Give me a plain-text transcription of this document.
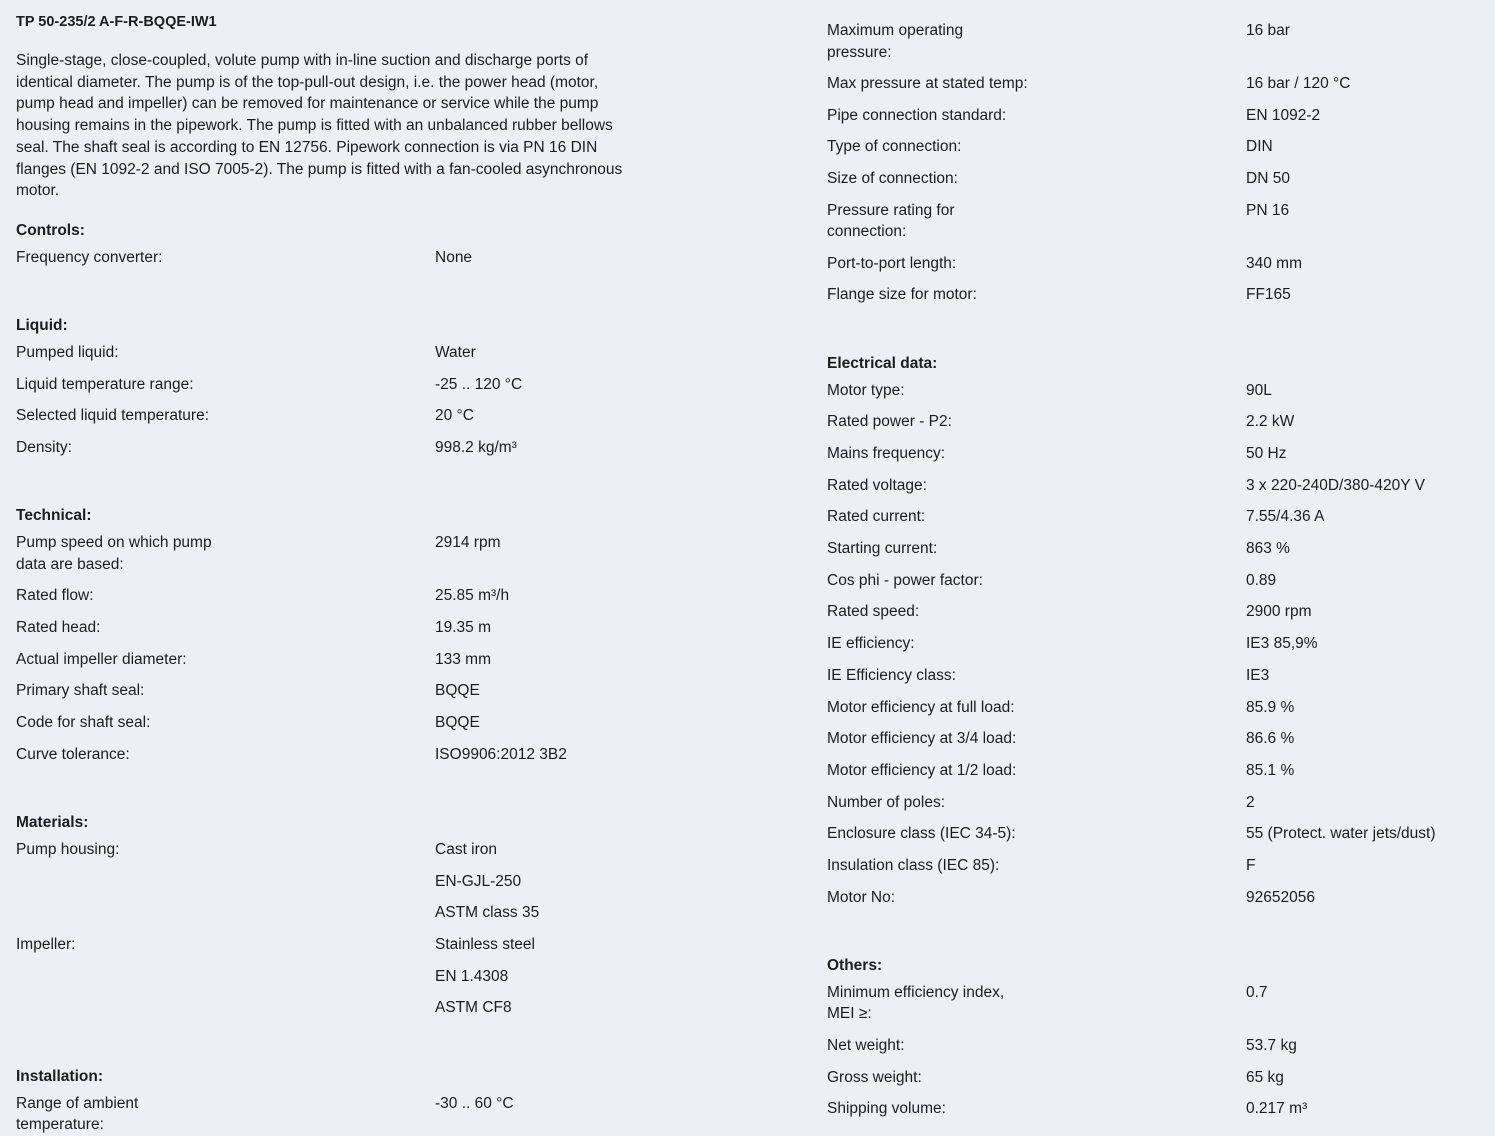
TP 50-235/2 A-F-R-BQQE-IW1
Single-stage, close-coupled, volute pump with in-line suction and discharge ports of identical diameter. The pump is of the top-pull-out design, i.e. the power head (motor, pump head and impeller) can be removed for maintenance or service while the pump housing remains in the pipework. The pump is fitted with an unbalanced rubber bellows seal. The shaft seal is according to EN 12756. Pipework connection is via PN 16 DIN flanges (EN 1092-2 and ISO 7005-2). The pump is fitted with a fan-cooled asynchronous motor.
Controls:
Frequency converter:	None
Liquid:
Pumped liquid:	Water
Liquid temperature range:	-25 .. 120 °C
Selected liquid temperature:	20 °C
Density:	998.2 kg/m³
Technical:
Pump speed on which pump data are based:
2914 rpm
Rated flow:	25.85 m³/h
Rated head:	19.35 m
Actual impeller diameter:	133 mm
Primary shaft seal:	BQQE
Code for shaft seal:	BQQE
Curve tolerance:	ISO9906:2012 3B2
Materials:
Pump housing:	Cast iron
EN-GJL-250
ASTM class 35
Impeller:	Stainless steel
EN 1.4308
ASTM CF8
Installation:
Range of ambient temperature:
-30 .. 60 °C
Maximum operating pressure:
16 bar
Max pressure at stated temp:	16 bar / 120 °C
Pipe connection standard:	EN 1092-2
Type of connection:	DIN
Size of connection:	DN 50
Pressure rating for connection:
PN 16
Port-to-port length:	340 mm
Flange size for motor:	FF165
Electrical data:
Motor type:	90L
Rated power - P2:	2.2 kW
Mains frequency:	50 Hz
Rated voltage:	3 x 220-240D/380-420Y V
Rated current:	7.55/4.36 A
Starting current:	863 %
Cos phi - power factor:	0.89
Rated speed:	2900 rpm
IE efficiency:	IE3 85,9%
IE Efficiency class:	IE3
Motor efficiency at full load:	85.9 %
Motor efficiency at 3/4 load:	86.6 %
Motor efficiency at 1/2 load:	85.1 %
Number of poles:	2
Enclosure class (IEC 34-5):	55 (Protect. water jets/dust)
Insulation class (IEC 85):	F
Motor No:	92652056
Others:
Minimum efficiency index, MEI ≥:
0.7
Net weight:	53.7 kg
Gross weight:	65 kg
Shipping volume:	0.217 m³
